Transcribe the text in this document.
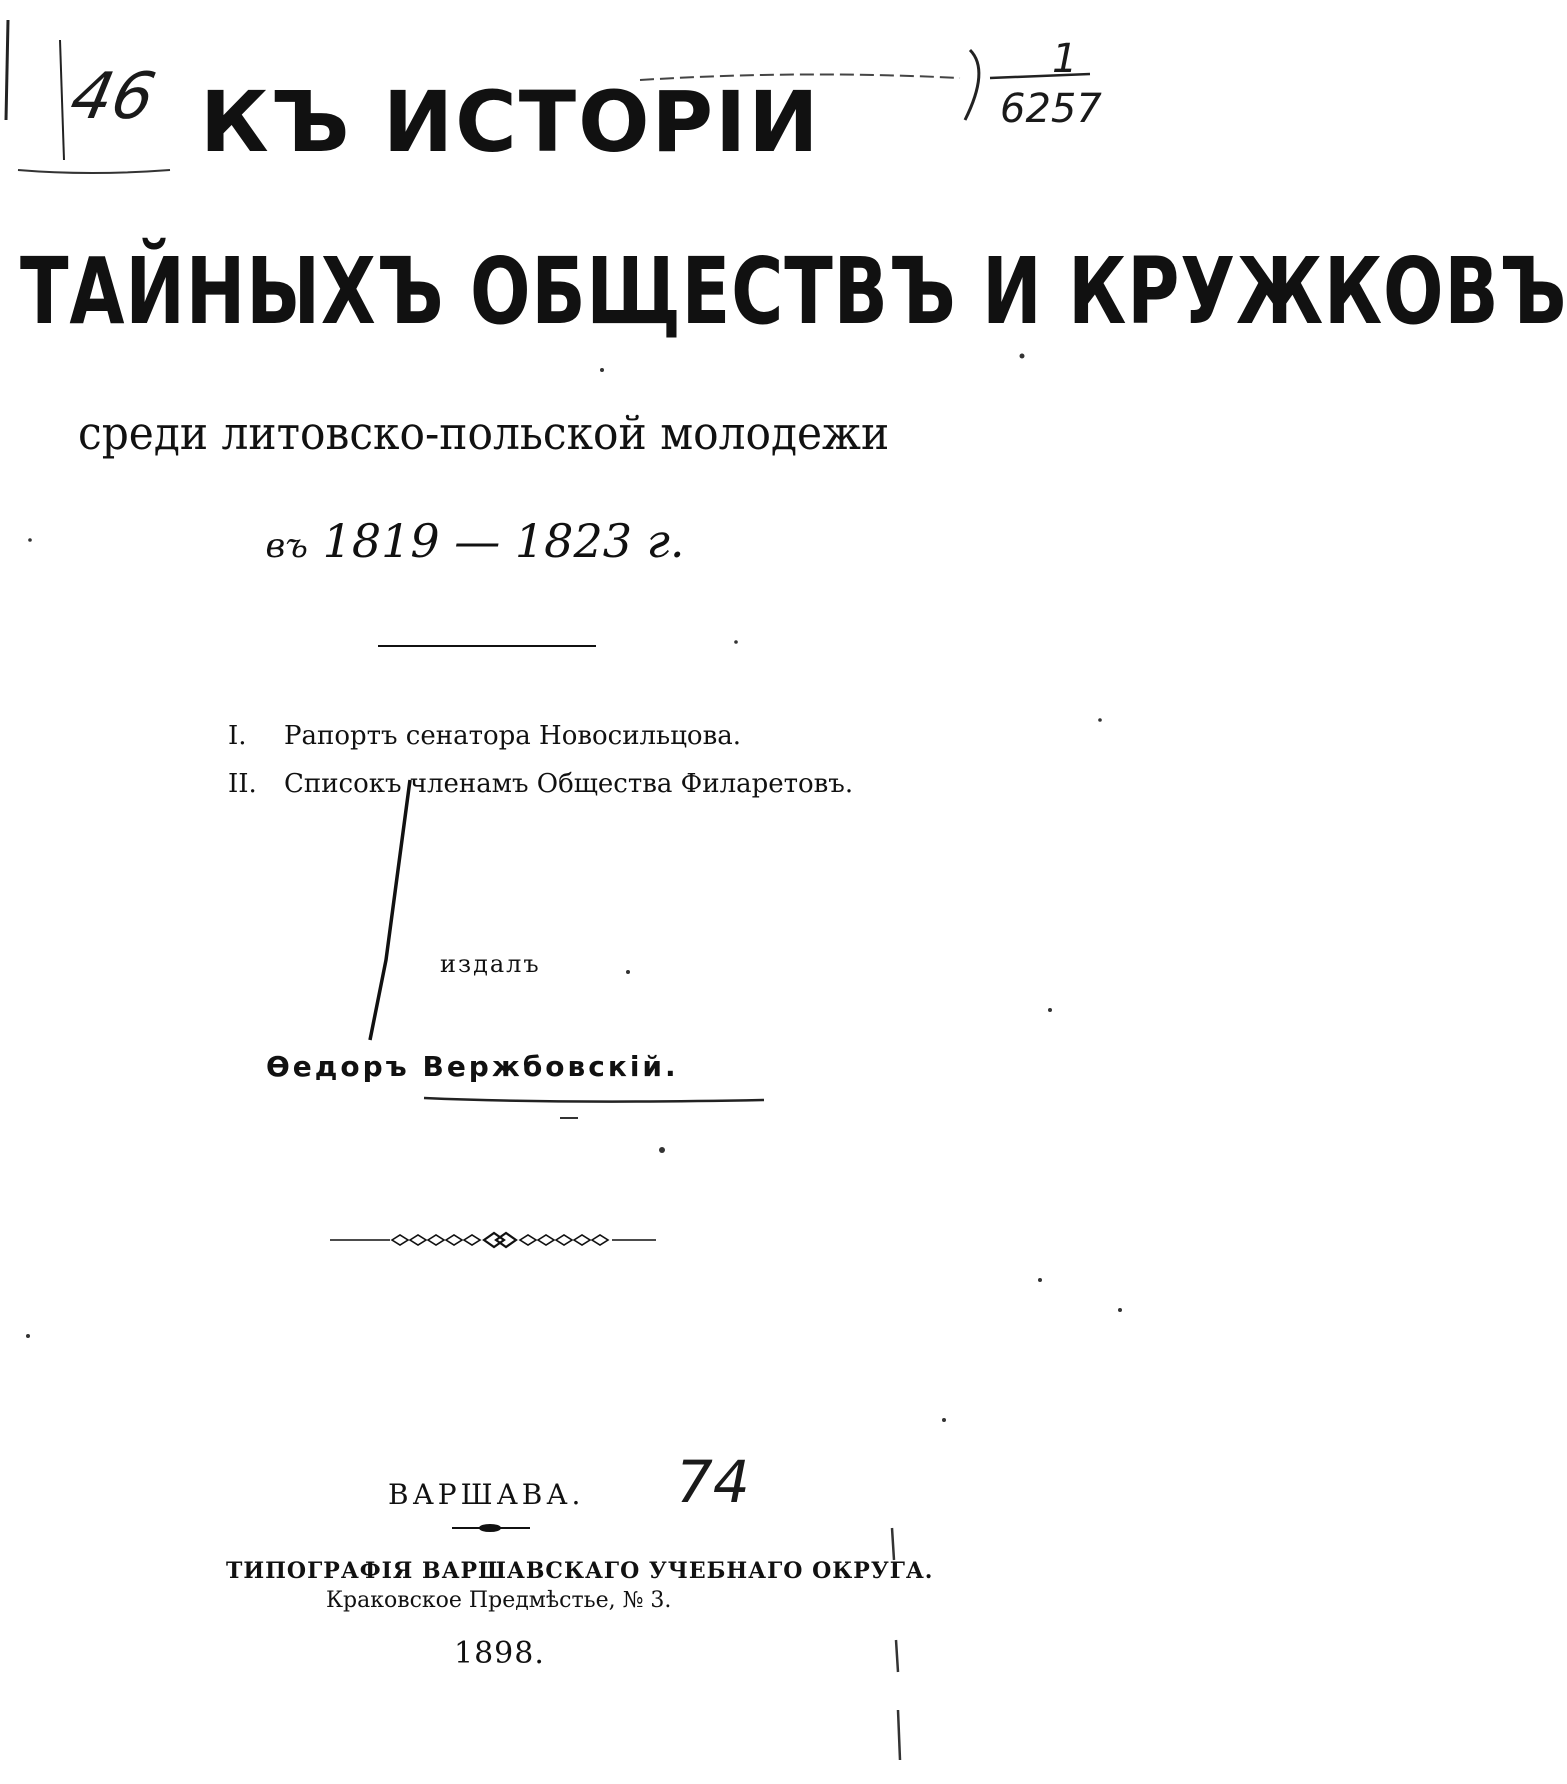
46
1
6257
74
КЪ ИСТОРІИ
ТАЙНЫХЪ ОБЩЕСТВЪ И КРУЖКОВЪ
среди литовско-польской молодежи
въ 1819 — 1823 г.
I.	Рапортъ сенатора Новосильцова.
II.	Списокъ членамъ Общества Филаретовъ.
издалъ
Өедоръ Вержбовскій.
ВАРШАВА.
ТИПОГРАФІЯ ВАРШАВСКАГО УЧЕБНАГО ОКРУГА.
Краковское Предмѣстье, № 3.
1898.
